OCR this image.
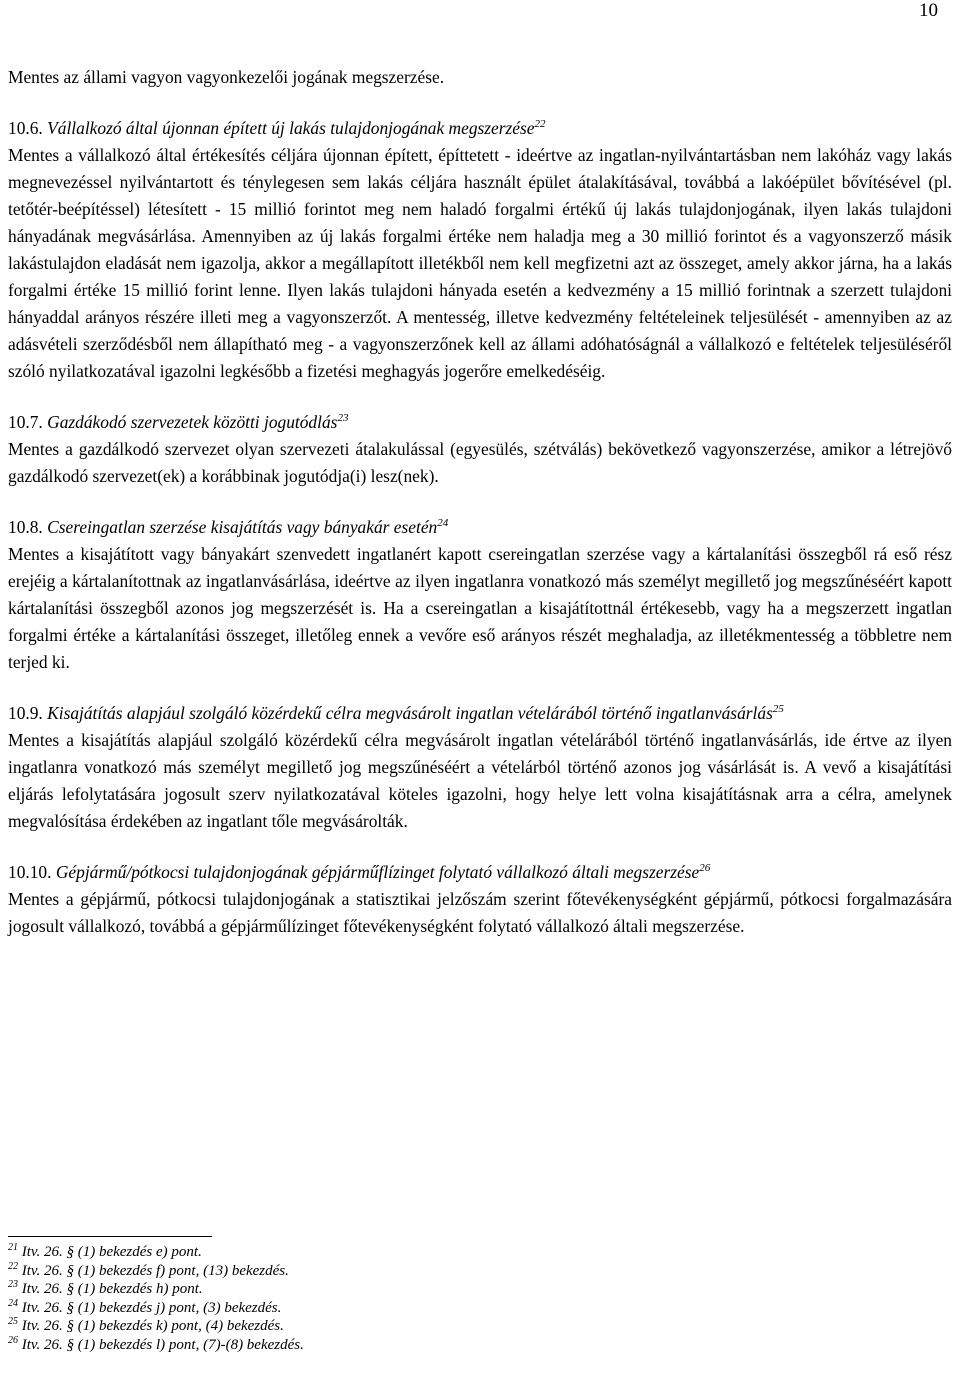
10

Mentes az állami vagyon vagyonkezelői jogának megszerzése.

10.6. Vállalkozó által újonnan épített új lakás tulajdonjogának megszerzése$^{22}$

Mentes a vállalkozó által értékesítés céljára újonnan épített, építtetett - ideértve az ingatlan-nyilvántartásban nem lakóház vagy lakás megnevezéssel nyilvántartott és ténylegesen sem lakás céljára használt épület átalakításával, továbbá a lakóépület bővítésével (pl. tetőtér-beépítéssel) létesített - 15 millió forintot meg nem haladó forgalmi értékű új lakás tulajdonjogának, ilyen lakás tulajdoni hányadának megvásárlása. Amennyiben az új lakás forgalmi értéke nem haladja meg a 30 millió forintot és a vagyonszerző másik lakástulajdon eladását nem igazolja, akkor a megállapított illetékből nem kell megfizetni azt az összeget, amely akkor járna, ha a lakás forgalmi értéke 15 millió forint lenne. Ilyen lakás tulajdoni hányada esetén a kedvezmény a 15 millió forintnak a szerzett tulajdoni hányaddal arányos részére illeti meg a vagyonszerzőt. A mentesség, illetve kedvezmény feltételeinek teljesülését - amennyiben az az adásvételi szerződésből nem állapítható meg - a vagyonszerzőnek kell az állami adóhatóságnál a vállalkozó e feltételek teljesüléséről szóló nyilatkozatával igazolni legkésőbb a fizetési meghagyás jogerőre emelkedéséig.

10.7. Gazdákodó szervezetek közötti jogutódlás$^{23}$

Mentes a gazdálkodó szervezet olyan szervezeti átalakulással (egyesülés, szétválás) bekövetkező vagyonszerzése, amikor a létrejövő gazdálkodó szervezet(ek) a korábbinak jogutódja(i) lesz(nek).

10.8. Csereingatlan szerzése kisajátítás vagy bányakár esetén$^{24}$

Mentes a kisajátított vagy bányakárt szenvedett ingatlanért kapott csereingatlan szerzése vagy a kártalanítási összegből rá eső rész erejéig a kártalanítottnak az ingatlanvásárlása, ideértve az ilyen ingatlanra vonatkozó más személyt megillető jog megszűnéséért kapott kártalanítási összegből azonos jog megszerzését is. Ha a csereingatlan a kisajátítottnál értékesebb, vagy ha a megszerzett ingatlan forgalmi értéke a kártalanítási összeget, illetőleg ennek a vevőre eső arányos részét meghaladja, az illetékmentesség a többletre nem terjed ki.

10.9. Kisajátítás alapjául szolgáló közérdekű célra megvásárolt ingatlan vételárából történő ingatlanvásárlás$^{25}$

Mentes a kisajátítás alapjául szolgáló közérdekű célra megvásárolt ingatlan vételárából történő ingatlanvásárlás, ide értve az ilyen ingatlanra vonatkozó más személyt megillető jog megszűnéséért a vételárból történő azonos jog vásárlását is. A vevő a kisajátítási eljárás lefolytatására jogosult szerv nyilatkozatával köteles igazolni, hogy helye lett volna kisajátításnak arra a célra, amelynek megvalósítása érdekében az ingatlant tőle megvásárolták.

10.10. Gépjármű/pótkocsi tulajdonjogának gépjárműflízinget folytató vállalkozó általi megszerzése$^{26}$

Mentes a gépjármű, pótkocsi tulajdonjogának a statisztikai jelzőszám szerint főtevékenységként gépjármű, pótkocsi forgalmazására jogosult vállalkozó, továbbá a gépjárműlízinget főtevékenységként folytató vállalkozó általi megszerzése.

$^{21}$ Itv. 26. § (1) bekezdés e) pont.

$^{22}$ Itv. 26. § (1) bekezdés f) pont, (13) bekezdés.

$^{23}$ Itv. 26. § (1) bekezdés h) pont.

$^{24}$ Itv. 26. § (1) bekezdés j) pont, (3) bekezdés.

$^{25}$ Itv. 26. § (1) bekezdés k) pont, (4) bekezdés.

$^{26}$ Itv. 26. § (1) bekezdés l) pont, (7)-(8) bekezdés.
